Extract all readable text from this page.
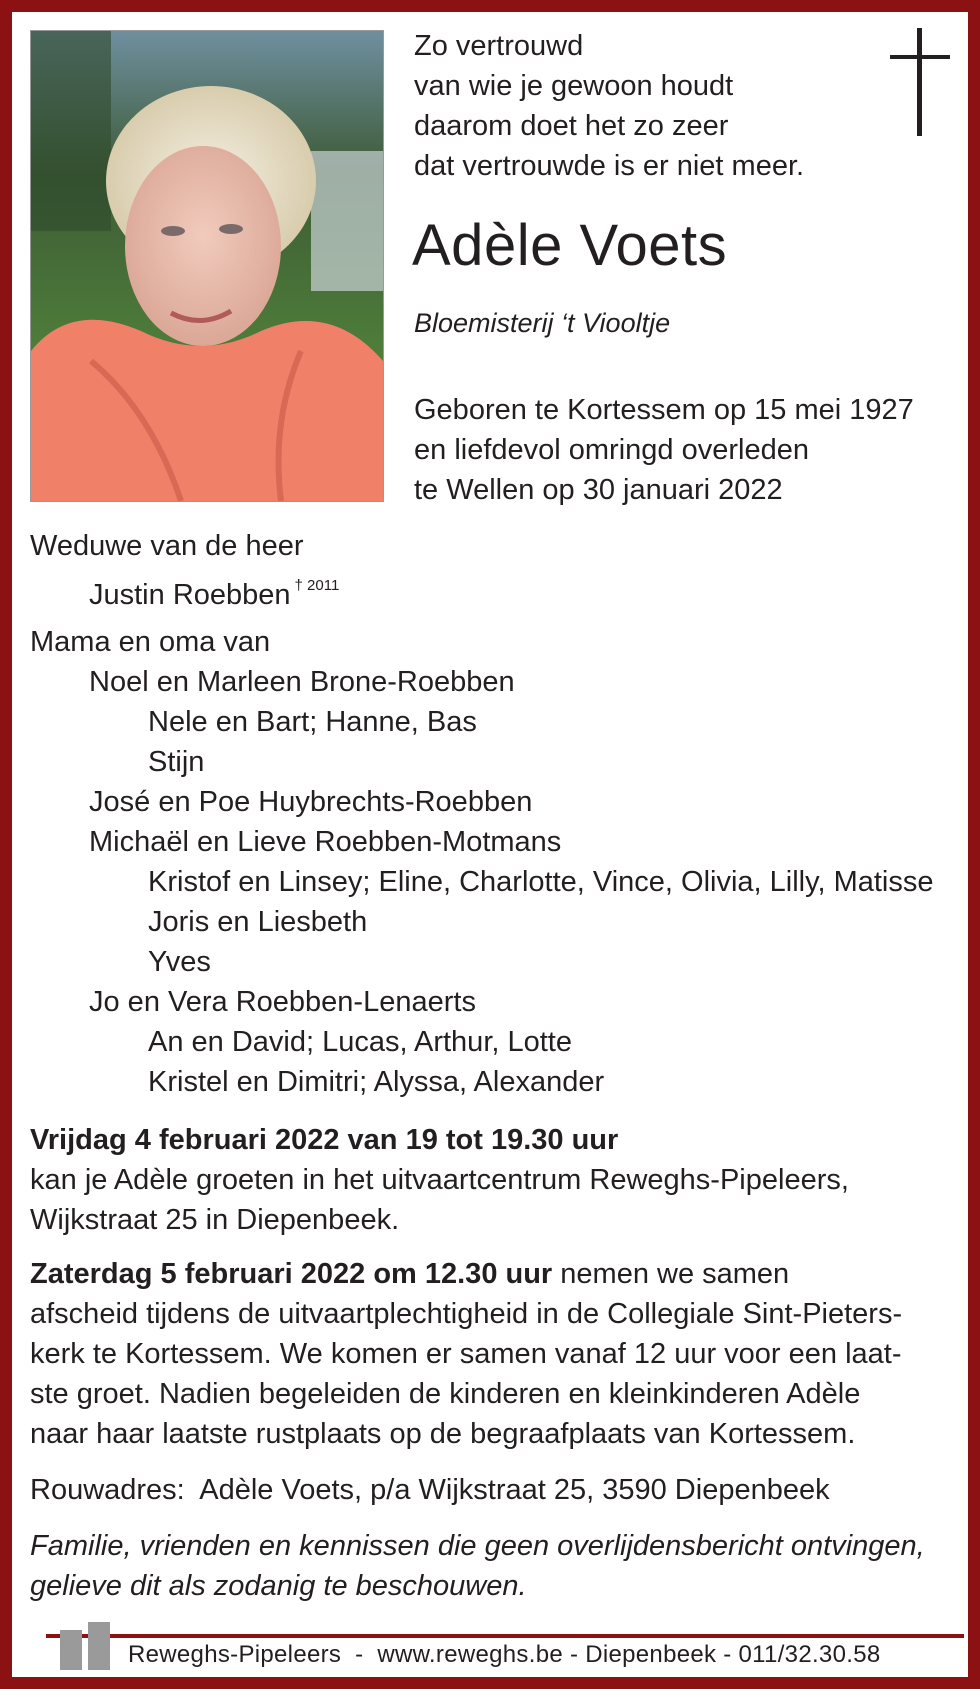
Zo vertrouwd
van wie je gewoon houdt
daarom doet het zo zeer
dat vertrouwde is er niet meer.
Adèle Voets
Bloemisterij ‘t Viooltje
Geboren te Kortessem op 15 mei 1927
en liefdevol omringd overleden
te Wellen op 30 januari 2022
Weduwe van de heer
Justin Roebben $^{\dagger 2011}$
Mama en oma van
Noel en Marleen Brone-Roebben
Nele en Bart; Hanne, Bas
Stijn
José en Poe Huybrechts-Roebben
Michaël en Lieve Roebben-Motmans
Kristof en Linsey; Eline, Charlotte, Vince, Olivia, Lilly, Matisse
Joris en Liesbeth
Yves
Jo en Vera Roebben-Lenaerts
An en David; Lucas, Arthur, Lotte
Kristel en Dimitri; Alyssa, Alexander
Vrijdag 4 februari 2022 van 19 tot 19.30 uur
kan je Adèle groeten in het uitvaartcentrum Reweghs-Pipeleers,
Wijkstraat 25 in Diepenbeek.
Zaterdag 5 februari 2022 om 12.30 uur nemen we samen
afscheid tijdens de uitvaartplechtigheid in de Collegiale Sint-Pieters-
kerk te Kortessem. We komen er samen vanaf 12 uur voor een laat-
ste groet. Nadien begeleiden de kinderen en kleinkinderen Adèle
naar haar laatste rustplaats op de begraafplaats van Kortessem.
Rouwadres:  Adèle Voets, p/a Wijkstraat 25, 3590 Diepenbeek
Familie, vrienden en kennissen die geen overlijdensbericht ontvingen,
gelieve dit als zodanig te beschouwen.
Reweghs-Pipeleers  -  www.reweghs.be - Diepenbeek - 011/32.30.58
